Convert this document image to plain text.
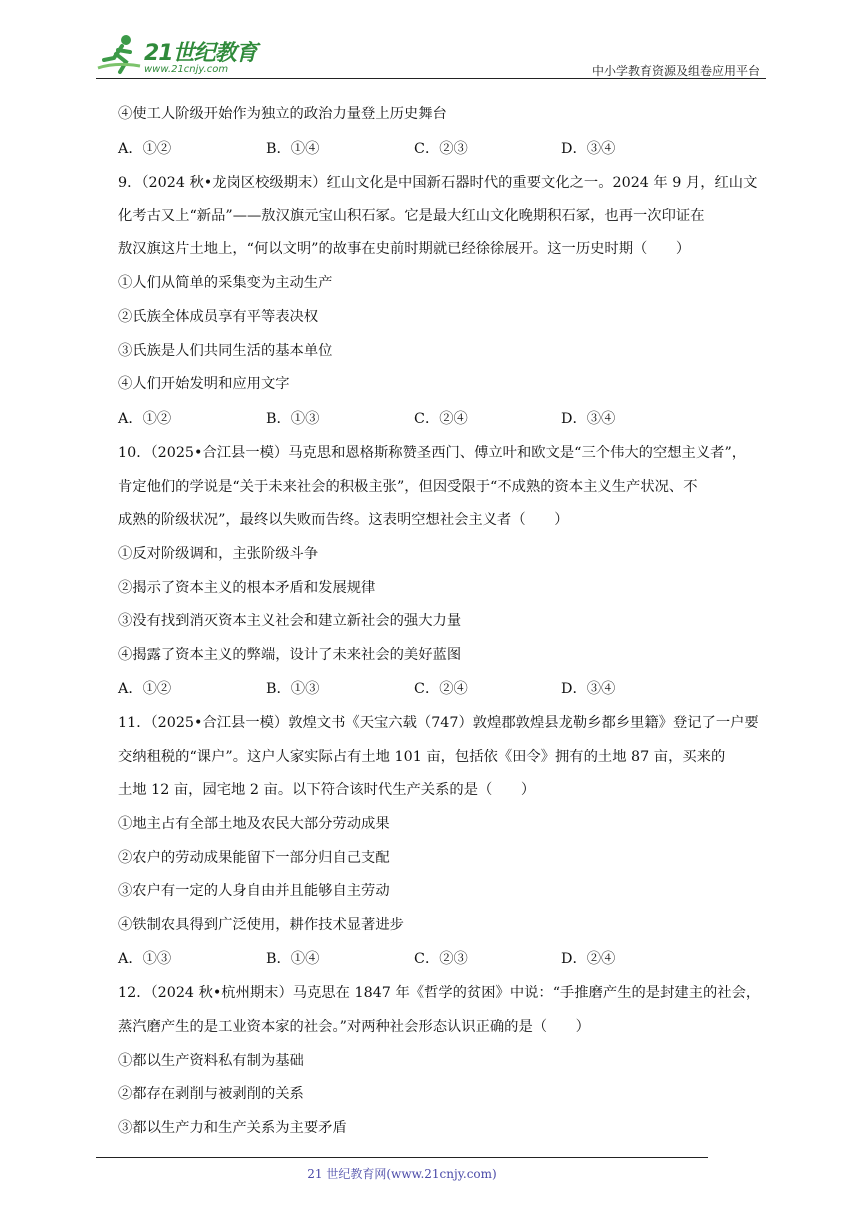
21世纪教育
www.21cnjy.com	中小学教育资源及组卷应用平台
④使工人阶级开始作为独立的政治力量登上历史舞台
A．①②	B．①④	C．②③	D．③④
9．（2024 秋•龙岗区校级期末）红山文化是中国新石器时代的重要文化之一。2024 年 9 月，红山文
化考古又上“新品”——敖汉旗元宝山积石冢。它是最大红山文化晚期积石冢，也再一次印证在
敖汉旗这片土地上，“何以文明”的故事在史前时期就已经徐徐展开。这一历史时期（　　）
①人们从简单的采集变为主动生产
②氏族全体成员享有平等表决权
③氏族是人们共同生活的基本单位
④人们开始发明和应用文字
A．①②	B．①③	C．②④	D．③④
10．（2025•合江县一模）马克思和恩格斯称赞圣西门、傅立叶和欧文是“三个伟大的空想主义者”，
肯定他们的学说是“关于未来社会的积极主张”，但因受限于“不成熟的资本主义生产状况、不
成熟的阶级状况”，最终以失败而告终。这表明空想社会主义者（　　）
①反对阶级调和，主张阶级斗争
②揭示了资本主义的根本矛盾和发展规律
③没有找到消灭资本主义社会和建立新社会的强大力量
④揭露了资本主义的弊端，设计了未来社会的美好蓝图
A．①②	B．①③	C．②④	D．③④
11．（2025•合江县一模）敦煌文书《天宝六载（747）敦煌郡敦煌县龙勒乡都乡里籍》登记了一户要
交纳租税的“课户”。这户人家实际占有土地 101 亩，包括依《田令》拥有的土地 87 亩，买来的
土地 12 亩，园宅地 2 亩。以下符合该时代生产关系的是（　　）
①地主占有全部土地及农民大部分劳动成果
②农户的劳动成果能留下一部分归自己支配
③农户有一定的人身自由并且能够自主劳动
④铁制农具得到广泛使用，耕作技术显著进步
A．①③	B．①④	C．②③	D．②④
12．（2024 秋•杭州期末）马克思在 1847 年《哲学的贫困》中说：“手推磨产生的是封建主的社会，
蒸汽磨产生的是工业资本家的社会。”对两种社会形态认识正确的是（　　）
①都以生产资料私有制为基础
②都存在剥削与被剥削的关系
③都以生产力和生产关系为主要矛盾
21 世纪教育网(www.21cnjy.com)
